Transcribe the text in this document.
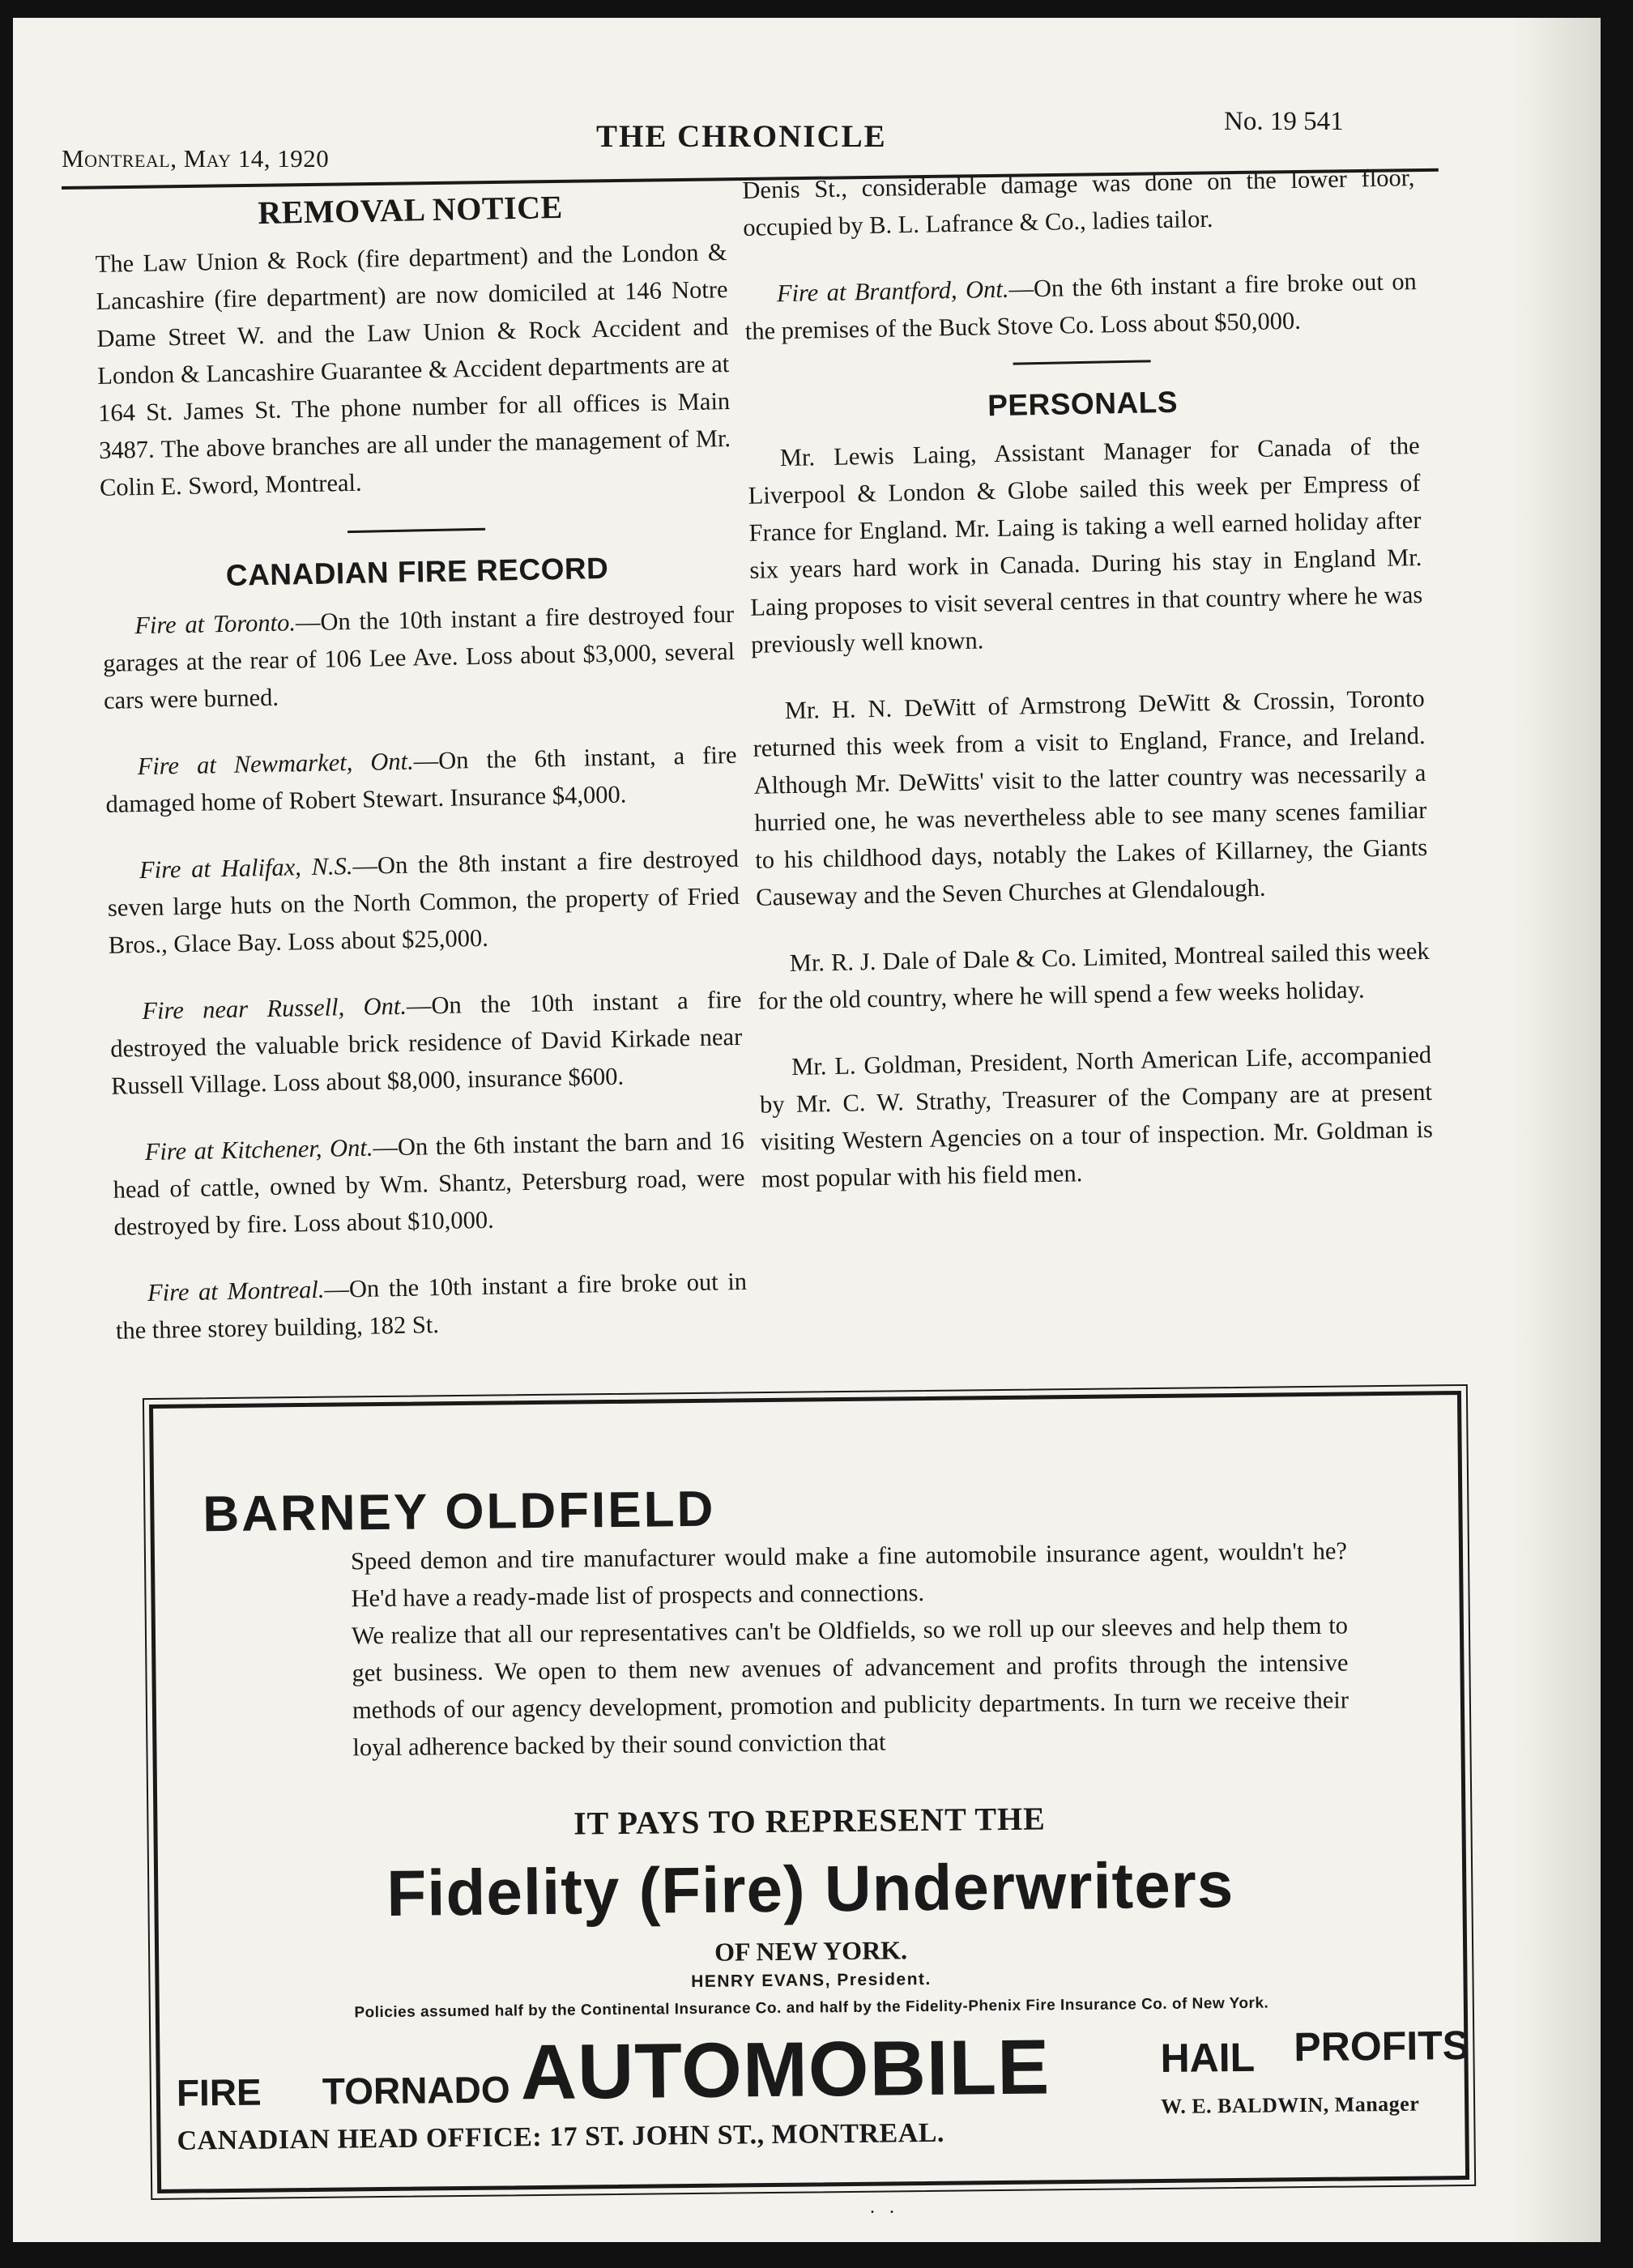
Montreal, May 14, 1920
THE CHRONICLE	No. 19 541
REMOVAL NOTICE

The Law Union & Rock (fire department) and the London & Lancashire (fire department) are now domiciled at 146 Notre Dame Street W. and the Law Union & Rock Accident and London & Lancashire Guarantee & Accident departments are at 164 St. James St. The phone number for all offices is Main 3487. The above branches are all under the management of Mr. Colin E. Sword, Montreal.

CANADIAN FIRE RECORD

Fire at Toronto.—On the 10th instant a fire destroyed four garages at the rear of 106 Lee Ave. Loss about $3,000, several cars were burned.

Fire at Newmarket, Ont.—On the 6th instant, a fire damaged home of Robert Stewart. Insurance $4,000.

Fire at Halifax, N.S.—On the 8th instant a fire destroyed seven large huts on the North Common, the property of Fried Bros., Glace Bay. Loss about $25,000.

Fire near Russell, Ont.—On the 10th instant a fire destroyed the valuable brick residence of David Kirkade near Russell Village. Loss about $8,000, insurance $600.

Fire at Kitchener, Ont.—On the 6th instant the barn and 16 head of cattle, owned by Wm. Shantz, Petersburg road, were destroyed by fire. Loss about $10,000.

Fire at Montreal.—On the 10th instant a fire broke out in the three storey building, 182 St.

Denis St., considerable damage was done on the lower floor, occupied by B. L. Lafrance & Co., ladies tailor.

Fire at Brantford, Ont.—On the 6th instant a fire broke out on the premises of the Buck Stove Co. Loss about $50,000.

PERSONALS

Mr. Lewis Laing, Assistant Manager for Canada of the Liverpool & London & Globe sailed this week per Empress of France for England. Mr. Laing is taking a well earned holiday after six years hard work in Canada. During his stay in England Mr. Laing proposes to visit several centres in that country where he was previously well known.

Mr. H. N. DeWitt of Armstrong DeWitt & Crossin, Toronto returned this week from a visit to England, France, and Ireland. Although Mr. DeWitts' visit to the latter country was necessarily a hurried one, he was nevertheless able to see many scenes familiar to his childhood days, notably the Lakes of Killarney, the Giants Causeway and the Seven Churches at Glendalough.

Mr. R. J. Dale of Dale & Co. Limited, Montreal sailed this week for the old country, where he will spend a few weeks holiday.

Mr. L. Goldman, President, North American Life, accompanied by Mr. C. W. Strathy, Treasurer of the Company are at present visiting Western Agencies on a tour of inspection. Mr. Goldman is most popular with his field men.

BARNEY OLDFIELD

Speed demon and tire manufacturer would make a fine automobile insurance agent, wouldn't he? He'd have a ready-made list of prospects and connections.

We realize that all our representatives can't be Oldfields, so we roll up our sleeves and help them to get business. We open to them new avenues of advancement and profits through the intensive methods of our agency development, promotion and publicity departments. In turn we receive their loyal adherence backed by their sound conviction that

IT PAYS TO REPRESENT THE
Fidelity (Fire) Underwriters
OF NEW YORK.
HENRY EVANS, President.
Policies assumed half by the Continental Insurance Co. and half by the Fidelity-Phenix Fire Insurance Co. of New York.
FIRE TORNADO AUTOMOBILE	HAIL PROFITS
CANADIAN HEAD OFFICE: 17 ST. JOHN ST., MONTREAL.
W. E. BALDWIN, Manager
. .
